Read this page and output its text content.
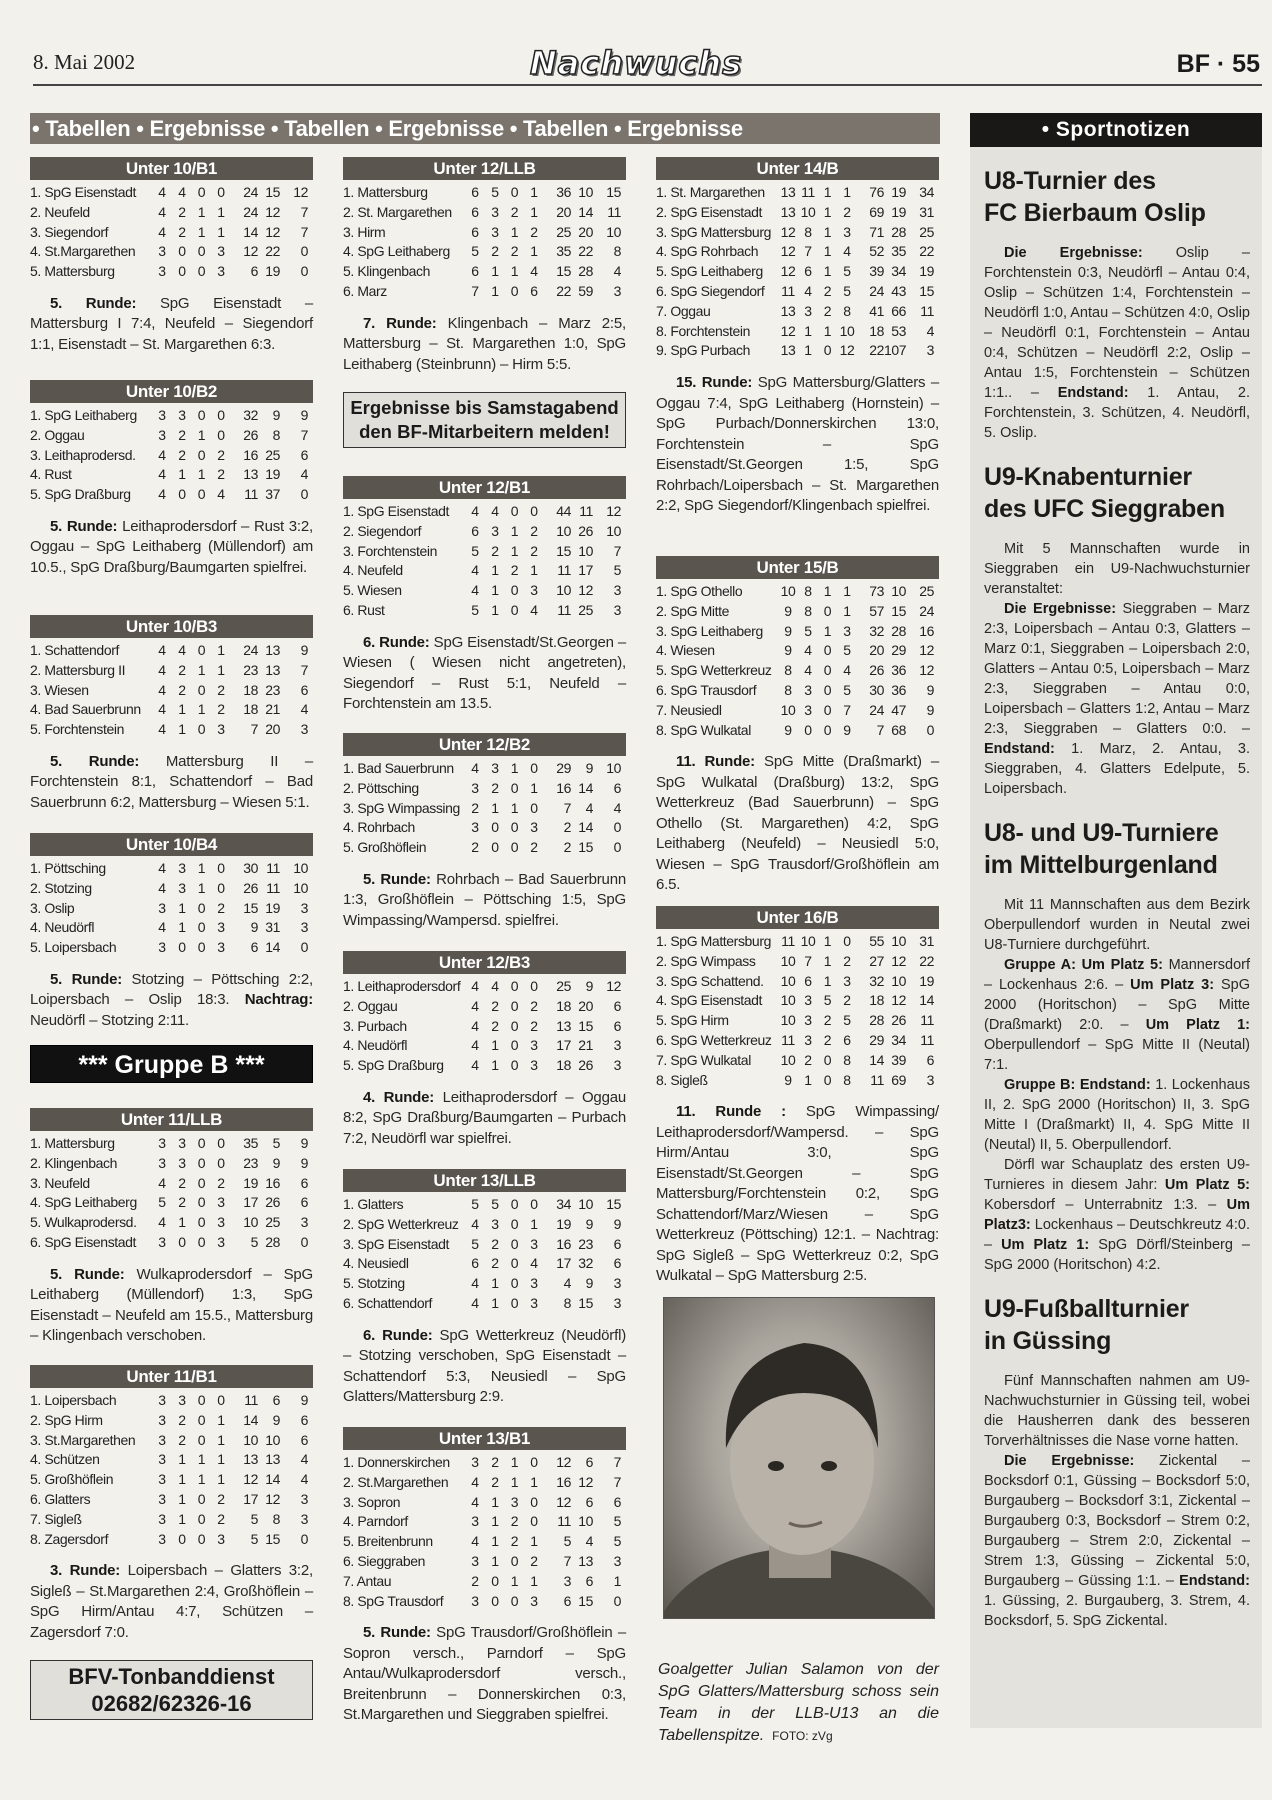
8. Mai 2002	Nachwuchs	BF · 55
• Tabellen • Ergebnisse • Tabellen • Ergebnisse • Tabellen • Ergebnisse
Unter 10/B1
1. SpG Eisenstadt	4 4 0 0	24 15 12
2. Neufeld	4 2 1 1	24 12	7
3. Siegendorf	4 2 1 1	14 12	7
4. St.Margarethen	3 0 0 3	12 22	0
5. Mattersburg	3 0 0 3	6 19	0

5. Runde: SpG Eisenstadt – Mattersburg I 7:4, Neufeld – Siegendorf 1:1, Eisenstadt – St. Margarethen 6:3.

Unter 10/B2
1. SpG Leithaberg	3 3 0 0	32	9	9
2. Oggau	3 2 1 0	26	8	7
3. Leithaprodersd.	4 2 0 2	16 25	6
4. Rust	4 1 1 2	13 19	4
5. SpG Draßburg	4 0 0 4	11 37	0

5. Runde: Leithaprodersdorf – Rust 3:2, Oggau – SpG Leithaberg (Müllendorf) am 10.5., SpG Draßburg/Baumgarten spielfrei.

Unter 10/B3
1. Schattendorf	4 4 0 1	24 13	9
2. Mattersburg II	4 2 1 1	23 13	7
3. Wiesen	4 2 0 2	18 23	6
4. Bad Sauerbrunn	4 1 1 2	18 21	4
5. Forchtenstein	4 1 0 3	7 20	3

5. Runde: Mattersburg II – Forchtenstein 8:1, Schattendorf – Bad Sauerbrunn 6:2, Mattersburg – Wiesen 5:1.

Unter 10/B4
1. Pöttsching	4 3 1 0	30 11 10
2. Stotzing	4 3 1 0	26 11 10
3. Oslip	3 1 0 2	15 19	3
4. Neudörfl	4 1 0 3	9 31	3
5. Loipersbach	3 0 0 3	6 14	0

5. Runde: Stotzing – Pöttsching 2:2, Loipersbach – Oslip 18:3. Nachtrag: Neudörfl – Stotzing 2:11.

*** Gruppe B ***
Unter 11/LLB
1. Mattersburg	3 3 0 0	35	5	9
2. Klingenbach	3 3 0 0	23	9	9
3. Neufeld	4 2 0 2	19 16	6
4. SpG Leithaberg	5 2 0 3	17 26	6
5. Wulkaprodersd.	4 1 0 3	10 25	3
6. SpG Eisenstadt	3 0 0 3	5 28	0

5. Runde: Wulkaprodersdorf – SpG Leithaberg (Müllendorf) 1:3, SpG Eisenstadt – Neufeld am 15.5., Mattersburg – Klingenbach verschoben.

Unter 11/B1
1. Loipersbach	3 3 0 0	11	6	9
2. SpG Hirm	3 2 0 1	14	9	6
3. St.Margarethen	3 2 0 1	10 10	6
4. Schützen	3 1 1 1	13 13	4
5. Großhöflein	3 1 1 1	12 14	4
6. Glatters	3 1 0 2	17 12	3
7. Sigleß	3 1 0 2	5	8	3
8. Zagersdorf	3 0 0 3	5 15	0

3. Runde: Loipersbach – Glatters 3:2, Sigleß – St.Margarethen 2:4, Großhöflein – SpG Hirm/Antau 4:7, Schützen – Zagersdorf 7:0.

BFV-Tonbanddienst
02682/62326-16
Unter 12/LLB
1. Mattersburg	6 5 0 1	36 10 15
2. St. Margarethen	6 3 2 1	20 14	11
3. Hirm	6 3 1 2	25 20 10
4. SpG Leithaberg	5 2 2 1	35 22	8
5. Klingenbach	6 1 1 4	15 28	4
6. Marz	7 1 0 6	22 59	3

7. Runde: Klingenbach – Marz 2:5, Mattersburg – St. Margarethen 1:0, SpG Leithaberg (Steinbrunn) – Hirm 5:5.

Ergebnisse bis Samstagabend
den BF-Mitarbeitern melden!
Unter 12/B1
1. SpG Eisenstadt	4 4 0 0	44 11 12
2. Siegendorf	6 3 1 2	10 26 10
3. Forchtenstein	5 2 1 2	15 10	7
4. Neufeld	4 1 2 1	11 17	5
5. Wiesen	4 1 0 3	10 12	3
6. Rust	5 1 0 4	11 25	3

6. Runde: SpG Eisenstadt/St.Georgen – Wiesen ( Wiesen nicht angetreten), Siegendorf – Rust 5:1, Neufeld – Forchtenstein am 13.5.

Unter 12/B2
1. Bad Sauerbrunn	4 3 1 0	29	9 10
2. Pöttsching	3 2 0 1	16 14	6
3. SpG Wimpassing 2 1 1 0	7	4	4
4. Rohrbach	3 0 0 3	2 14	0
5. Großhöflein	2 0 0 2	2 15	0

5. Runde: Rohrbach – Bad Sauerbrunn 1:3, Großhöflein – Pöttsching 1:5, SpG Wimpassing/Wampersd. spielfrei.

Unter 12/B3
1. Leithaprodersdorf 4 4 0 0	25	9 12
2. Oggau	4 2 0 2	18 20	6
3. Purbach	4 2 0 2	13 15	6
4. Neudörfl	4 1 0 3	17 21	3
5. SpG Draßburg	4 1 0 3	18 26	3

4. Runde: Leithaprodersdorf – Oggau 8:2, SpG Draßburg/Baumgarten – Purbach 7:2, Neudörfl war spielfrei.

Unter 13/LLB
1. Glatters	5 5 0 0	34 10 15
2. SpG Wetterkreuz 4 3 0 1	19	9	9
3. SpG Eisenstadt	5 2 0 3	16 23	6
4. Neusiedl	6 2 0 4	17 32	6
5. Stotzing	4 1 0 3	4	9	3
6. Schattendorf	4 1 0 3	8 15	3

6. Runde: SpG Wetterkreuz (Neudörfl) – Stotzing verschoben, SpG Eisenstadt – Schattendorf 5:3, Neusiedl – SpG Glatters/Mattersburg 2:9.

Unter 13/B1
1. Donnerskirchen	3 2 1 0	12	6	7
2. St.Margarethen	4 2 1 1	16 12	7
3. Sopron	4 1 3 0	12	6	6
4. Parndorf	3 1 2 0	11 10	5
5. Breitenbrunn	4 1 2 1	5	4	5
6. Sieggraben	3 1 0 2	7 13	3
7. Antau	2 0 1 1	3	6	1
8. SpG Trausdorf	3 0 0 3	6 15	0

5. Runde: SpG Trausdorf/Großhöflein – Sopron versch., Parndorf – SpG Antau/Wulkaprodersdorf versch., Breitenbrunn – Donnerskirchen 0:3, St.Margarethen und Sieggraben spielfrei.

Unter 14/B
1. St. Margarethen	13 11 1 1	76 19 34
2. SpG Eisenstadt	13 10 1 2	69 19 31
3. SpG Mattersburg 12 8 1 3	71 28 25
4. SpG Rohrbach	12 7 1 4	52 35 22
5. SpG Leithaberg	12 6 1 5	39 34 19
6. SpG Siegendorf	11 4 2 5	24 43 15
7. Oggau	13 3 2 8	41 66	11
8. Forchtenstein	12 1 1 10	18 53	4
9. SpG Purbach	13 1 0 12	22 107	3

15. Runde: SpG Mattersburg/Glatters – Oggau 7:4, SpG Leithaberg (Hornstein) – SpG Purbach/Donnerskirchen 13:0, Forchtenstein – SpG Eisenstadt/St.Georgen 1:5, SpG Rohrbach/Loipersbach – St. Margarethen 2:2, SpG Siegendorf/Klingenbach spielfrei.

Unter 15/B
1. SpG Othello	10 8 1 1	73 10 25
2. SpG Mitte	9 8 0 1	57 15 24
3. SpG Leithaberg	9 5 1 3	32 28 16
4. Wiesen	9 4 0 5	20 29 12
5. SpG Wetterkreuz 8 4 0 4	26 36 12
6. SpG Trausdorf	8 3 0 5	30 36	9
7. Neusiedl	10 3 0 7	24 47	9
8. SpG Wulkatal	9 0 0 9	7 68	0

11. Runde: SpG Mitte (Draßmarkt) – SpG Wulkatal (Draßburg) 13:2, SpG Wetterkreuz (Bad Sauerbrunn) – SpG Othello (St. Margarethen) 4:2, SpG Leithaberg (Neufeld) – Neusiedl 5:0, Wiesen – SpG Trausdorf/Großhöflein am 6.5.

Unter 16/B
1. SpG Mattersburg 11 10 1 0	55 10 31
2. SpG Wimpass	10 7 1 2	27 12 22
3. SpG Schattend.	10 6 1 3	32 10 19
4. SpG Eisenstadt	10 3 5 2	18 12 14
5. SpG Hirm	10 3 2 5	28 26	11
6. SpG Wetterkreuz 11 3 2 6	29 34	11
7. SpG Wulkatal	10 2 0 8	14 39	6
8. Sigleß	9 1 0 8	11 69	3

11. Runde : SpG Wimpassing/ Leithaprodersdorf/Wampersd. – SpG Hirm/Antau 3:0, SpG Eisenstadt/St.Georgen – SpG Mattersburg/Forchtenstein 0:2, SpG Schattendorf/Marz/Wiesen – SpG Wetterkreuz (Pöttsching) 12:1. – Nachtrag: SpG Sigleß – SpG Wetterkreuz 0:2, SpG Wulkatal – SpG Mattersburg 2:5.

Goalgetter Julian Salamon von der SpG Glatters/Mattersburg schoss sein Team in der LLB-U13 an die Tabellenspitze. FOTO: zVg

• Sportnotizen
U8-Turnier des
FC Bierbaum Oslip

Die Ergebnisse: Oslip – Forchtenstein 0:3, Neudörfl – Antau 0:4, Oslip – Schützen 1:4, Forchtenstein – Neudörfl 1:0, Antau – Schützen 4:0, Oslip – Neudörfl 0:1, Forchtenstein – Antau 0:4, Schützen – Neudörfl 2:2, Oslip – Antau 1:5, Forchtenstein – Schützen 1:1.. – Endstand: 1. Antau, 2. Forchtenstein, 3. Schützen, 4. Neudörfl, 5. Oslip.

U9-Knabenturnier
des UFC Sieggraben

Mit 5 Mannschaften wurde in Sieggraben ein U9-Nachwuchsturnier veranstaltet:

Die Ergebnisse: Sieggraben – Marz 2:3, Loipersbach – Antau 0:3, Glatters – Marz 0:1, Sieggraben – Loipersbach 2:0, Glatters – Antau 0:5, Loipersbach – Marz 2:3, Sieggraben – Antau 0:0, Loipersbach – Glatters 1:2, Antau – Marz 2:3, Sieggraben – Glatters 0:0. – Endstand: 1. Marz, 2. Antau, 3. Sieggraben, 4. Glatters Edelpute, 5. Loipersbach.

U8- und U9-Turniere
im Mittelburgenland

Mit 11 Mannschaften aus dem Bezirk Oberpullendorf wurden in Neutal zwei U8-Turniere durchgeführt.

Gruppe A: Um Platz 5: Mannersdorf – Lockenhaus 2:6. – Um Platz 3: SpG 2000 (Horitschon) – SpG Mitte (Draßmarkt) 2:0. – Um Platz 1: Oberpullendorf – SpG Mitte II (Neutal) 7:1.

Gruppe B: Endstand: 1. Lockenhaus II, 2. SpG 2000 (Horitschon) II, 3. SpG Mitte I (Draßmarkt) II, 4. SpG Mitte II (Neutal) II, 5. Oberpullendorf.

Dörfl war Schauplatz des ersten U9-Turnieres in diesem Jahr: Um Platz 5: Kobersdorf – Unterrabnitz 1:3. – Um Platz3: Lockenhaus – Deutschkreutz 4:0. – Um Platz 1: SpG Dörfl/Steinberg – SpG 2000 (Horitschon) 4:2.

U9-Fußballturnier
in Güssing

Fünf Mannschaften nahmen am U9-Nachwuchsturnier in Güssing teil, wobei die Hausherren dank des besseren Torverhältnisses die Nase vorne hatten.

Die Ergebnisse: Zickental – Bocksdorf 0:1, Güssing – Bocksdorf 5:0, Burgauberg – Bocksdorf 3:1, Zickental – Burgauberg 0:3, Bocksdorf – Strem 0:2, Burgauberg – Strem 2:0, Zickental – Strem 1:3, Güssing – Zickental 5:0, Burgauberg – Güssing 1:1. – Endstand: 1. Güssing, 2. Burgauberg, 3. Strem, 4. Bocksdorf, 5. SpG Zickental.
